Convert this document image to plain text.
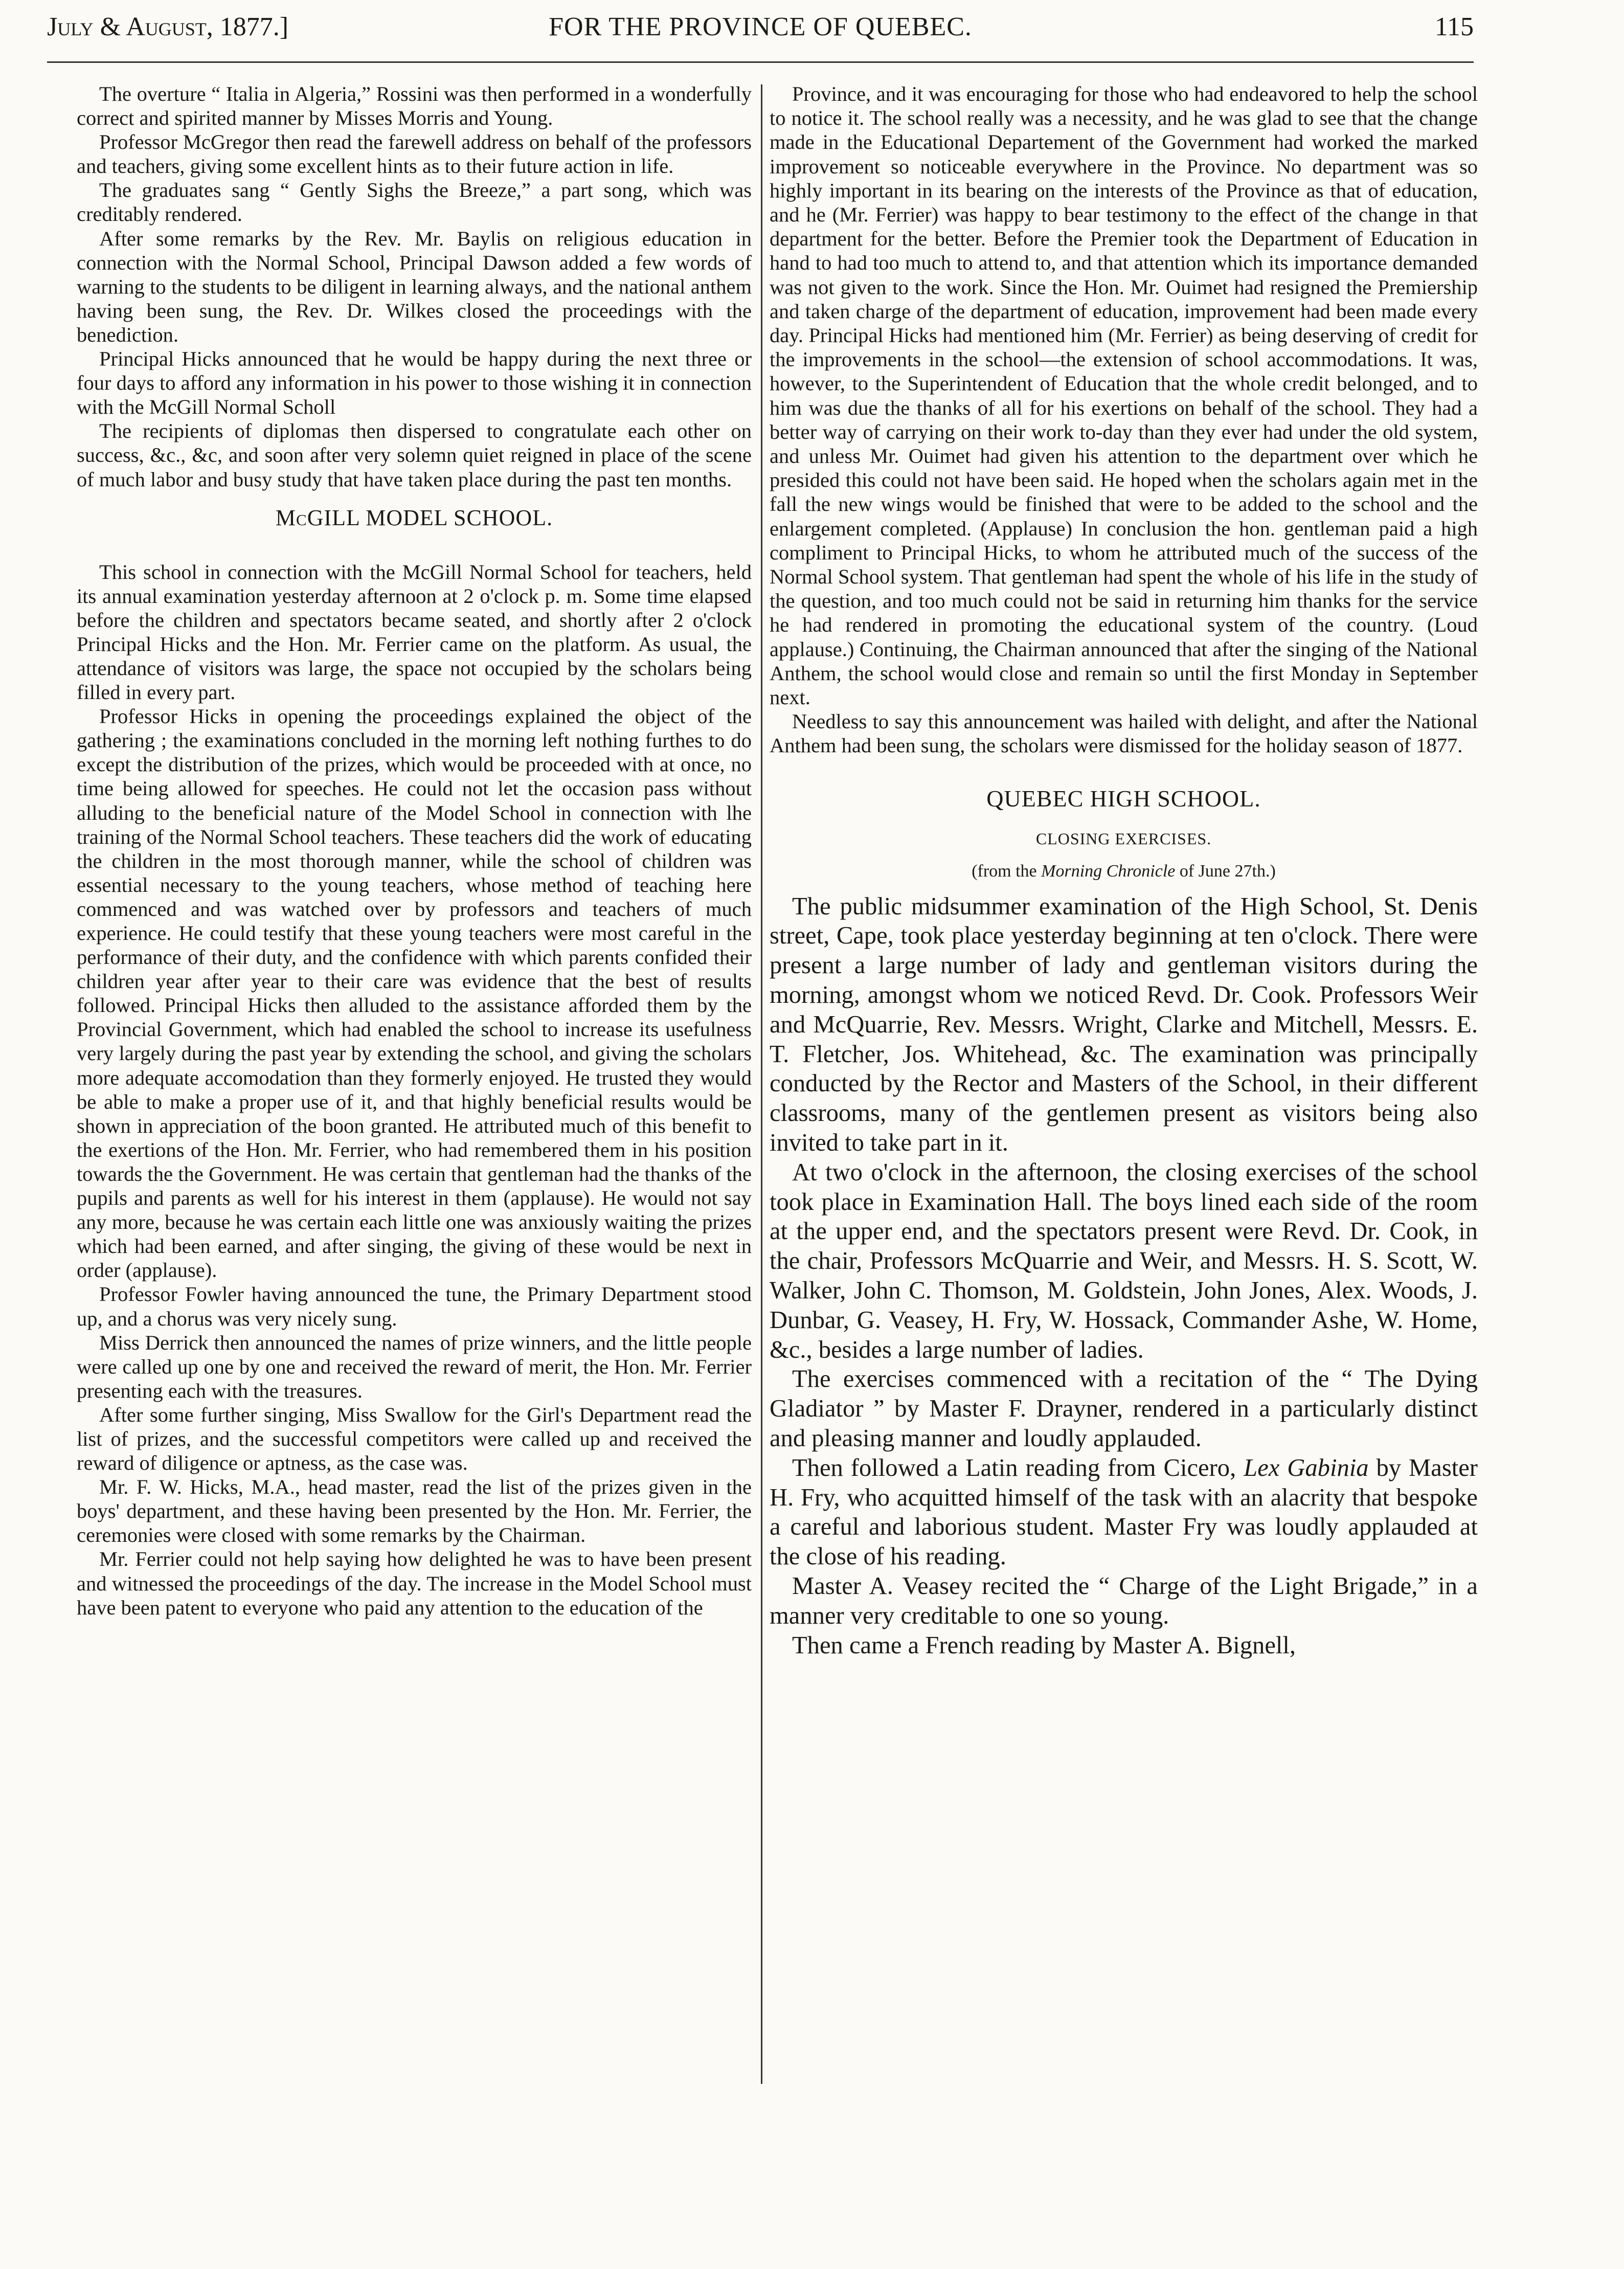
July & August, 1877.]	FOR THE PROVINCE OF QUEBEC.	115

The overture “ Italia in Algeria,” Rossini was then performed in a wonderfully correct and spirited manner by Misses Morris and Young.

Professor McGregor then read the farewell address on behalf of the professors and teachers, giving some excellent hints as to their future action in life.

The graduates sang “ Gently Sighs the Breeze,” a part song, which was creditably rendered.

After some remarks by the Rev. Mr. Baylis on religious education in connection with the Normal School, Principal Dawson added a few words of warning to the students to be diligent in learning always, and the national anthem having been sung, the Rev. Dr. Wilkes closed the proceedings with the benediction.

Principal Hicks announced that he would be happy during the next three or four days to afford any information in his power to those wishing it in connection with the McGill Normal Scholl

The recipients of diplomas then dispersed to congratulate each other on success, &c., &c, and soon after very solemn quiet reigned in place of the scene of much labor and busy study that have taken place during the past ten months.

McGILL MODEL SCHOOL.

This school in connection with the McGill Normal School for teachers, held its annual examination yesterday afternoon at 2 o'clock p. m. Some time elapsed before the children and spectators became seated, and shortly after 2 o'clock Principal Hicks and the Hon. Mr. Ferrier came on the platform. As usual, the attendance of visitors was large, the space not occupied by the scholars being filled in every part.

Professor Hicks in opening the proceedings explained the object of the gathering ; the examinations concluded in the morning left nothing furthes to do except the distribution of the prizes, which would be proceeded with at once, no time being allowed for speeches. He could not let the occasion pass without alluding to the beneficial nature of the Model School in connection with lhe training of the Normal School teachers. These teachers did the work of educating the children in the most thorough manner, while the school of children was essential necessary to the young teachers, whose method of teaching here commenced and was watched over by professors and teachers of much experience. He could testify that these young teachers were most careful in the performance of their duty, and the confidence with which parents confided their children year after year to their care was evidence that the best of results followed. Principal Hicks then alluded to the assistance afforded them by the Provincial Government, which had enabled the school to increase its usefulness very largely during the past year by extending the school, and giving the scholars more adequate accomodation than they formerly enjoyed. He trusted they would be able to make a proper use of it, and that highly beneficial results would be shown in appreciation of the boon granted. He attributed much of this benefit to the exertions of the Hon. Mr. Ferrier, who had remembered them in his position towards the the Government. He was certain that gentleman had the thanks of the pupils and parents as well for his interest in them (applause). He would not say any more, because he was certain each little one was anxiously waiting the prizes which had been earned, and after singing, the giving of these would be next in order (applause).

Professor Fowler having announced the tune, the Primary Department stood up, and a chorus was very nicely sung.

Miss Derrick then announced the names of prize winners, and the little people were called up one by one and received the reward of merit, the Hon. Mr. Ferrier presenting each with the treasures.

After some further singing, Miss Swallow for the Girl's Department read the list of prizes, and the successful competitors were called up and received the reward of diligence or aptness, as the case was.

Mr. F. W. Hicks, M.A., head master, read the list of the prizes given in the boys' department, and these having been presented by the Hon. Mr. Ferrier, the ceremonies were closed with some remarks by the Chairman.

Mr. Ferrier could not help saying how delighted he was to have been present and witnessed the proceedings of the day. The increase in the Model School must have been patent to everyone who paid any attention to the education of the

Province, and it was encouraging for those who had endeavored to help the school to notice it. The school really was a necessity, and he was glad to see that the change made in the Educational Departement of the Government had worked the marked improvement so noticeable everywhere in the Province. No department was so highly important in its bearing on the interests of the Province as that of education, and he (Mr. Ferrier) was happy to bear testimony to the effect of the change in that department for the better. Before the Premier took the Department of Education in hand to had too much to attend to, and that attention which its importance demanded was not given to the work. Since the Hon. Mr. Ouimet had resigned the Premiership and taken charge of the department of education, improvement had been made every day. Principal Hicks had mentioned him (Mr. Ferrier) as being deserving of credit for the improvements in the school—the extension of school accommodations. It was, however, to the Superintendent of Education that the whole credit belonged, and to him was due the thanks of all for his exertions on behalf of the school. They had a better way of carrying on their work to-day than they ever had under the old system, and unless Mr. Ouimet had given his attention to the department over which he presided this could not have been said. He hoped when the scholars again met in the fall the new wings would be finished that were to be added to the school and the enlargement completed. (Applause) In conclusion the hon. gentleman paid a high compliment to Principal Hicks, to whom he attributed much of the success of the Normal School system. That gentleman had spent the whole of his life in the study of the question, and too much could not be said in returning him thanks for the service he had rendered in promoting the educational system of the country. (Loud applause.) Continuing, the Chairman announced that after the singing of the National Anthem, the school would close and remain so until the first Monday in September next.

Needless to say this announcement was hailed with delight, and after the National Anthem had been sung, the scholars were dismissed for the holiday season of 1877.

QUEBEC HIGH SCHOOL.

CLOSING EXERCISES.

(from the Morning Chronicle of June 27th.)

The public midsummer examination of the High School, St. Denis street, Cape, took place yesterday beginning at ten o'clock. There were present a large number of lady and gentleman visitors during the morning, amongst whom we noticed Revd. Dr. Cook. Professors Weir and McQuarrie, Rev. Messrs. Wright, Clarke and Mitchell, Messrs. E. T. Fletcher, Jos. Whitehead, &c. The examination was principally conducted by the Rector and Masters of the School, in their different classrooms, many of the gentlemen present as visitors being also invited to take part in it.

At two o'clock in the afternoon, the closing exercises of the school took place in Examination Hall. The boys lined each side of the room at the upper end, and the spectators present were Revd. Dr. Cook, in the chair, Professors McQuarrie and Weir, and Messrs. H. S. Scott, W. Walker, John C. Thomson, M. Goldstein, John Jones, Alex. Woods, J. Dunbar, G. Veasey, H. Fry, W. Hossack, Commander Ashe, W. Home, &c., besides a large number of ladies.

The exercises commenced with a recitation of the “ The Dying Gladiator ” by Master F. Drayner, rendered in a particularly distinct and pleasing manner and loudly applauded.

Then followed a Latin reading from Cicero, Lex Gabinia by Master H. Fry, who acquitted himself of the task with an alacrity that bespoke a careful and laborious student. Master Fry was loudly applauded at the close of his reading.

Master A. Veasey recited the “ Charge of the Light Brigade,” in a manner very creditable to one so young.

Then came a French reading by Master A. Bignell,
